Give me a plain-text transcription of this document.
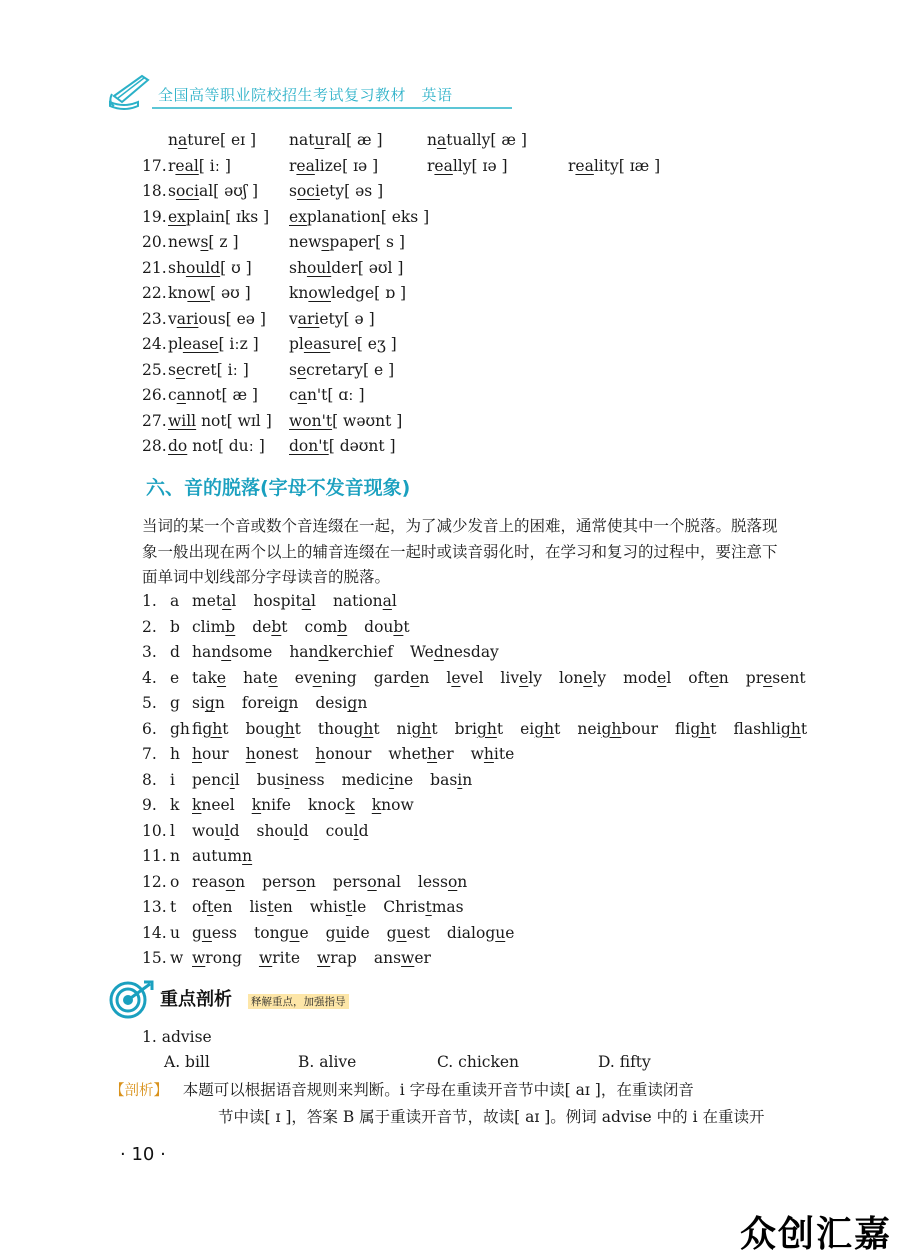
全国高等职业院校招生考试复习教材　英语
nature[ eɪ ] natural[ æ ]	natually[ æ ]
17. real[ iː ]	realize[ ɪə ]	really[ ɪə ]	reality[ ɪæ ]
18. social[ əʊʃ ] society[ əs ]
19. explain[ ɪks ] explanation[ eks ]
20. news[ z ]	newspaper[ s ]
21. should[ ʊ ] shoulder[ əʊl ]
22. know[ əʊ ] knowledge[ ɒ ]
23. various[ eə ] variety[ ə ]
24. please[ iːz ] pleasure[ eʒ ]
25. secret[ iː ]	secretary[ e ]
26. cannot[ æ ] can't[ ɑː ]
27. will not[ wɪl ] won't[ wəʊnt ]
28. do not[ duː ] don't[ dəʊnt ]
六、音的脱落(字母不发音现象)
当词的某一个音或数个音连缀在一起，为了减少发音上的困难，通常使其中一个脱落。脱落现象一般出现在两个以上的辅音连缀在一起时或读音弱化时，在学习和复习的过程中，要注意下面单词中划线部分字母读音的脱落。
1. a metal hospital national
2. b climb debt comb doubt
3. d handsome handkerchief Wednesday
4. e take hate evening garden level lively lonely model often present
5. g sign foreign design
6. gh fight bought thought night bright eight neighbour flight flashlight
7. h hour honest honour whether white
8. i pencil business medicine basin
9. k kneel knife knock know
10. l would should could
11. n autumn
12. o reason person personal lesson
13. t often listen whistle Christmas
14. u guess tongue guide guest dialogue
15. w wrong write wrap answer
重点剖析 释解重点，加强指导
1. advise
A. bill	B. alive	C. chicken	D. fifty
【剖析】 本题可以根据语音规则来判断。i 字母在重读开音节中读[ aɪ ]，在重读闭音
节中读[ ɪ ]，答案 B 属于重读开音节，故读[ aɪ ]。例词 advise 中的 i 在重读开
· 10 ·
众创汇嘉
